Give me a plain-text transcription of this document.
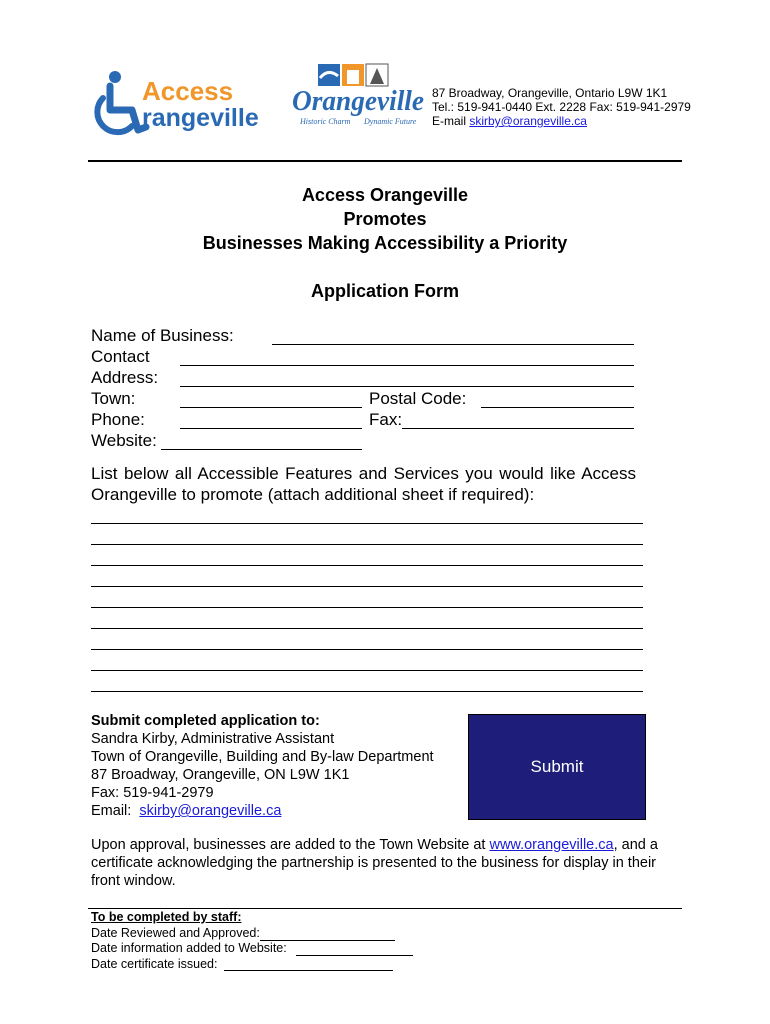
Access
rangeville
Orangeville
Historic Charm Dynamic Future
87 Broadway, Orangeville, Ontario L9W 1K1
Tel.: 519-941-0440 Ext. 2228 Fax: 519-941-2979
E-mail skirby@orangeville.ca
Access Orangeville
Promotes
Businesses Making Accessibility a Priority
Application Form
Name of Business:
Contact
Address:
Town:	Postal Code:
Phone:	Fax:
Website:
List below all Accessible Features and Services you would like Access Orangeville to promote (attach additional sheet if required):
Submit completed application to:
Sandra Kirby, Administrative Assistant
Town of Orangeville, Building and By-law Department
87 Broadway, Orangeville, ON L9W 1K1
Fax: 519-941-2979
Email:  skirby@orangeville.ca
Submit
Upon approval, businesses are added to the Town Website at www.orangeville.ca, and a certificate acknowledging the partnership is presented to the business for display in their front window.
To be completed by staff:
Date Reviewed and Approved:
Date information added to Website:
Date certificate issued:
